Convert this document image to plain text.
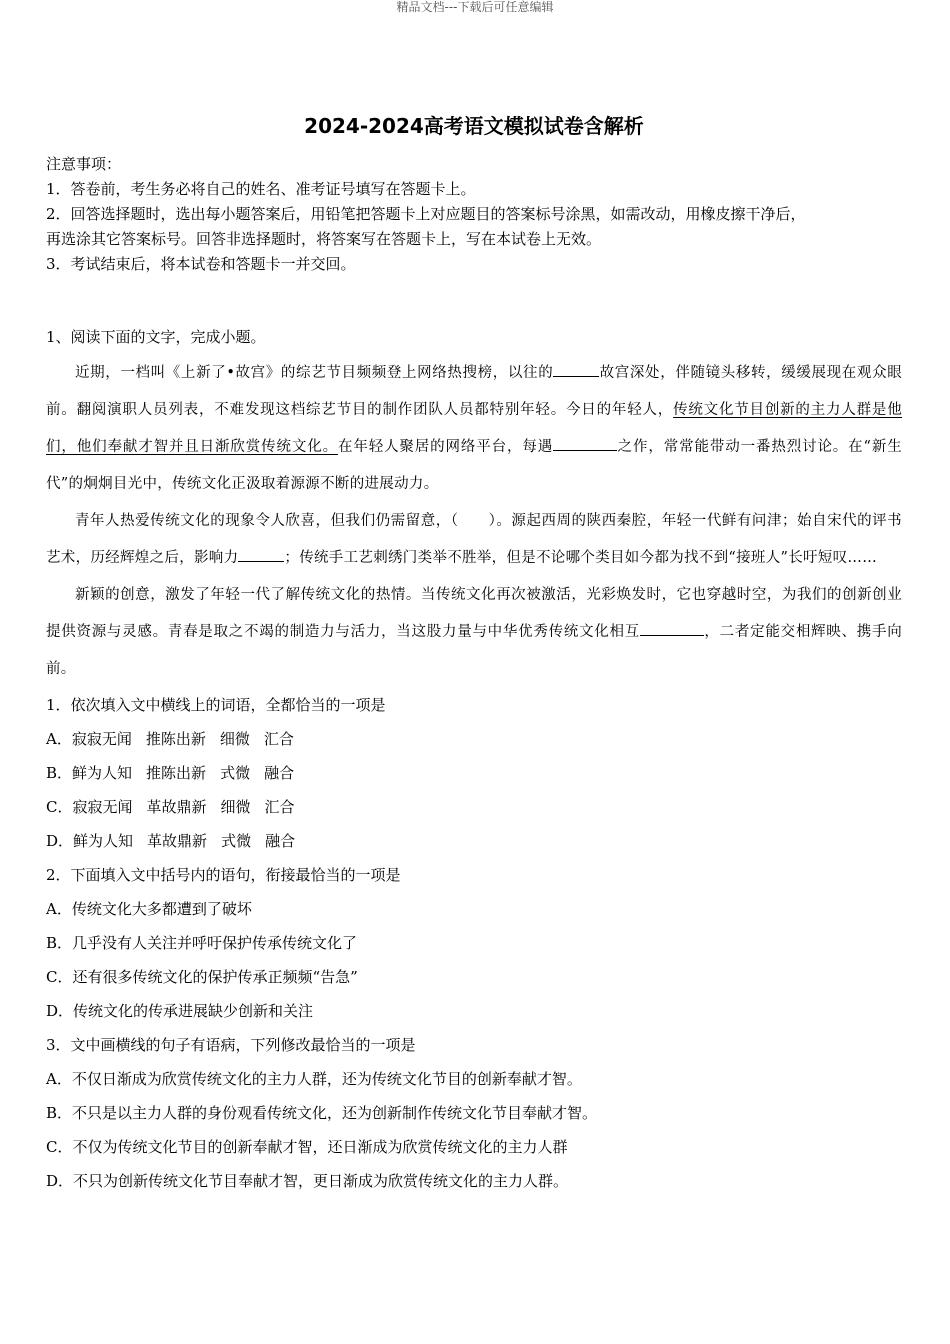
精品文档---下载后可任意编辑
2024-2024高考语文模拟试卷含解析

注意事项：

1．答卷前，考生务必将自己的姓名、准考证号填写在答题卡上。

2．回答选择题时，选出每小题答案后，用铅笔把答题卡上对应题目的答案标号涂黑，如需改动，用橡皮擦干净后，

再选涂其它答案标号。回答非选择题时，将答案写在答题卡上，写在本试卷上无效。

3．考试结束后，将本试卷和答题卡一并交回。

1、阅读下面的文字，完成小题。

近期，一档叫《上新了•故宫》的综艺节目频频登上网络热搜榜，以往的	故宫深处，伴随镜头移转，缓缓展现在观众眼前。翻阅演职人员列表，不难发现这档综艺节目的制作团队人员都特别年轻。今日的年轻人，传统文化节目创新的主力人群是他们，他们奉献才智并且日渐欣赏传统文化。在年轻人聚居的网络平台，每遇	之作，常常能带动一番热烈讨论。在“新生代”的炯炯目光中，传统文化正汲取着源源不断的进展动力。

青年人热爱传统文化的现象令人欣喜，但我们仍需留意，（　　）。源起西周的陕西秦腔，年轻一代鲜有问津；始自宋代的评书艺术，历经辉煌之后，影响力	；传统手工艺刺绣门类举不胜举，但是不论哪个类目如今都为找不到“接班人”长吁短叹……

新颖的创意，激发了年轻一代了解传统文化的热情。当传统文化再次被激活，光彩焕发时，它也穿越时空，为我们的创新创业提供资源与灵感。青春是取之不竭的制造力与活力，当这股力量与中华优秀传统文化相互	，二者定能交相辉映、携手向前。

1．依次填入文中横线上的词语，全都恰当的一项是

A．寂寂无闻 推陈出新 细微 汇合

B．鲜为人知 推陈出新 式微 融合

C．寂寂无闻 革故鼎新 细微 汇合

D．鲜为人知 革故鼎新 式微 融合

2．下面填入文中括号内的语句，衔接最恰当的一项是

A．传统文化大多都遭到了破坏

B．几乎没有人关注并呼吁保护传承传统文化了

C．还有很多传统文化的保护传承正频频“告急”

D．传统文化的传承进展缺少创新和关注

3．文中画横线的句子有语病，下列修改最恰当的一项是

A．不仅日渐成为欣赏传统文化的主力人群，还为传统文化节目的创新奉献才智。

B．不只是以主力人群的身份观看传统文化，还为创新制作传统文化节目奉献才智。

C．不仅为传统文化节目的创新奉献才智，还日渐成为欣赏传统文化的主力人群

D．不只为创新传统文化节目奉献才智，更日渐成为欣赏传统文化的主力人群。
